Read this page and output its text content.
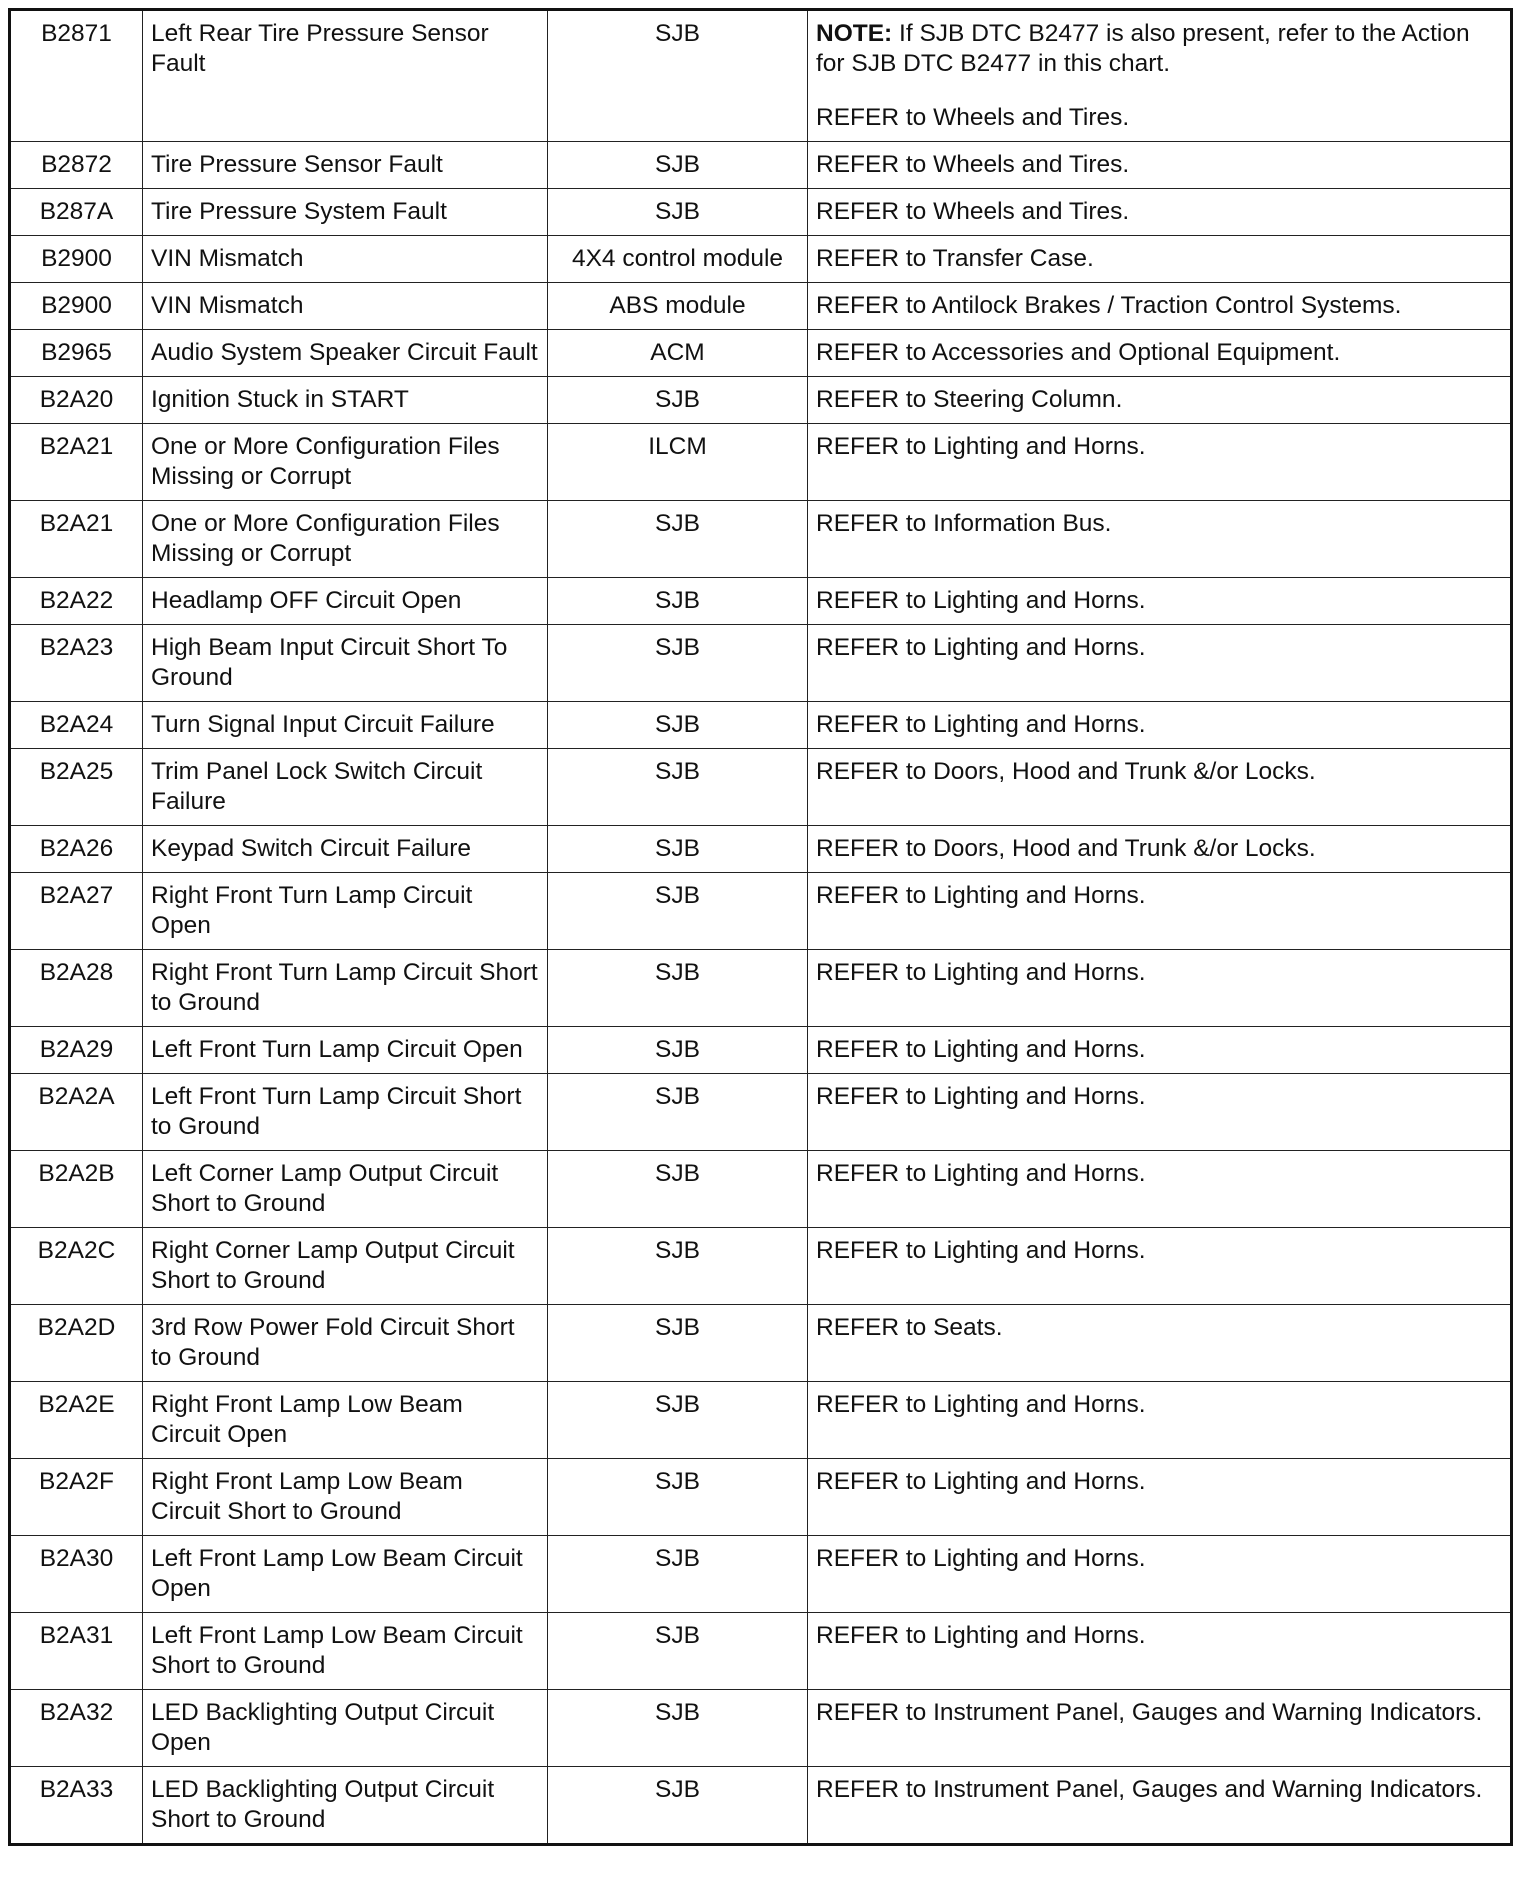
B2871	Left Rear Tire Pressure Sensor Fault	SJB	NOTE: If SJB DTC B2477 is also present, refer to the Action for SJB DTC B2477 in this chart.
REFER to Wheels and Tires.

B2872	Tire Pressure Sensor Fault	SJB	REFER to Wheels and Tires.

B287A	Tire Pressure System Fault	SJB	REFER to Wheels and Tires.

B2900	VIN Mismatch	4X4 control module	REFER to Transfer Case.

B2900	VIN Mismatch	ABS module	REFER to Antilock Brakes / Traction Control Systems.

B2965	Audio System Speaker Circuit Fault	ACM	REFER to Accessories and Optional Equipment.

B2A20	Ignition Stuck in START	SJB	REFER to Steering Column.

B2A21	One or More Configuration Files Missing or Corrupt	ILCM	REFER to Lighting and Horns.

B2A21	One or More Configuration Files Missing or Corrupt	SJB	REFER to Information Bus.

B2A22	Headlamp OFF Circuit Open	SJB	REFER to Lighting and Horns.

B2A23	High Beam Input Circuit Short To Ground	SJB	REFER to Lighting and Horns.

B2A24	Turn Signal Input Circuit Failure	SJB	REFER to Lighting and Horns.

B2A25	Trim Panel Lock Switch Circuit Failure	SJB	REFER to Doors, Hood and Trunk &/or Locks.

B2A26	Keypad Switch Circuit Failure	SJB	REFER to Doors, Hood and Trunk &/or Locks.

B2A27	Right Front Turn Lamp Circuit Open	SJB	REFER to Lighting and Horns.

B2A28	Right Front Turn Lamp Circuit Short to Ground	SJB	REFER to Lighting and Horns.

B2A29	Left Front Turn Lamp Circuit Open	SJB	REFER to Lighting and Horns.

B2A2A	Left Front Turn Lamp Circuit Short to Ground	SJB	REFER to Lighting and Horns.

B2A2B	Left Corner Lamp Output Circuit Short to Ground	SJB	REFER to Lighting and Horns.

B2A2C	Right Corner Lamp Output Circuit Short to Ground	SJB	REFER to Lighting and Horns.

B2A2D	3rd Row Power Fold Circuit Short to Ground	SJB	REFER to Seats.

B2A2E	Right Front Lamp Low Beam Circuit Open	SJB	REFER to Lighting and Horns.

B2A2F	Right Front Lamp Low Beam Circuit Short to Ground	SJB	REFER to Lighting and Horns.

B2A30	Left Front Lamp Low Beam Circuit Open	SJB	REFER to Lighting and Horns.

B2A31	Left Front Lamp Low Beam Circuit Short to Ground	SJB	REFER to Lighting and Horns.

B2A32	LED Backlighting Output Circuit Open	SJB	REFER to Instrument Panel, Gauges and Warning Indicators.

B2A33	LED Backlighting Output Circuit Short to Ground	SJB	REFER to Instrument Panel, Gauges and Warning Indicators.
